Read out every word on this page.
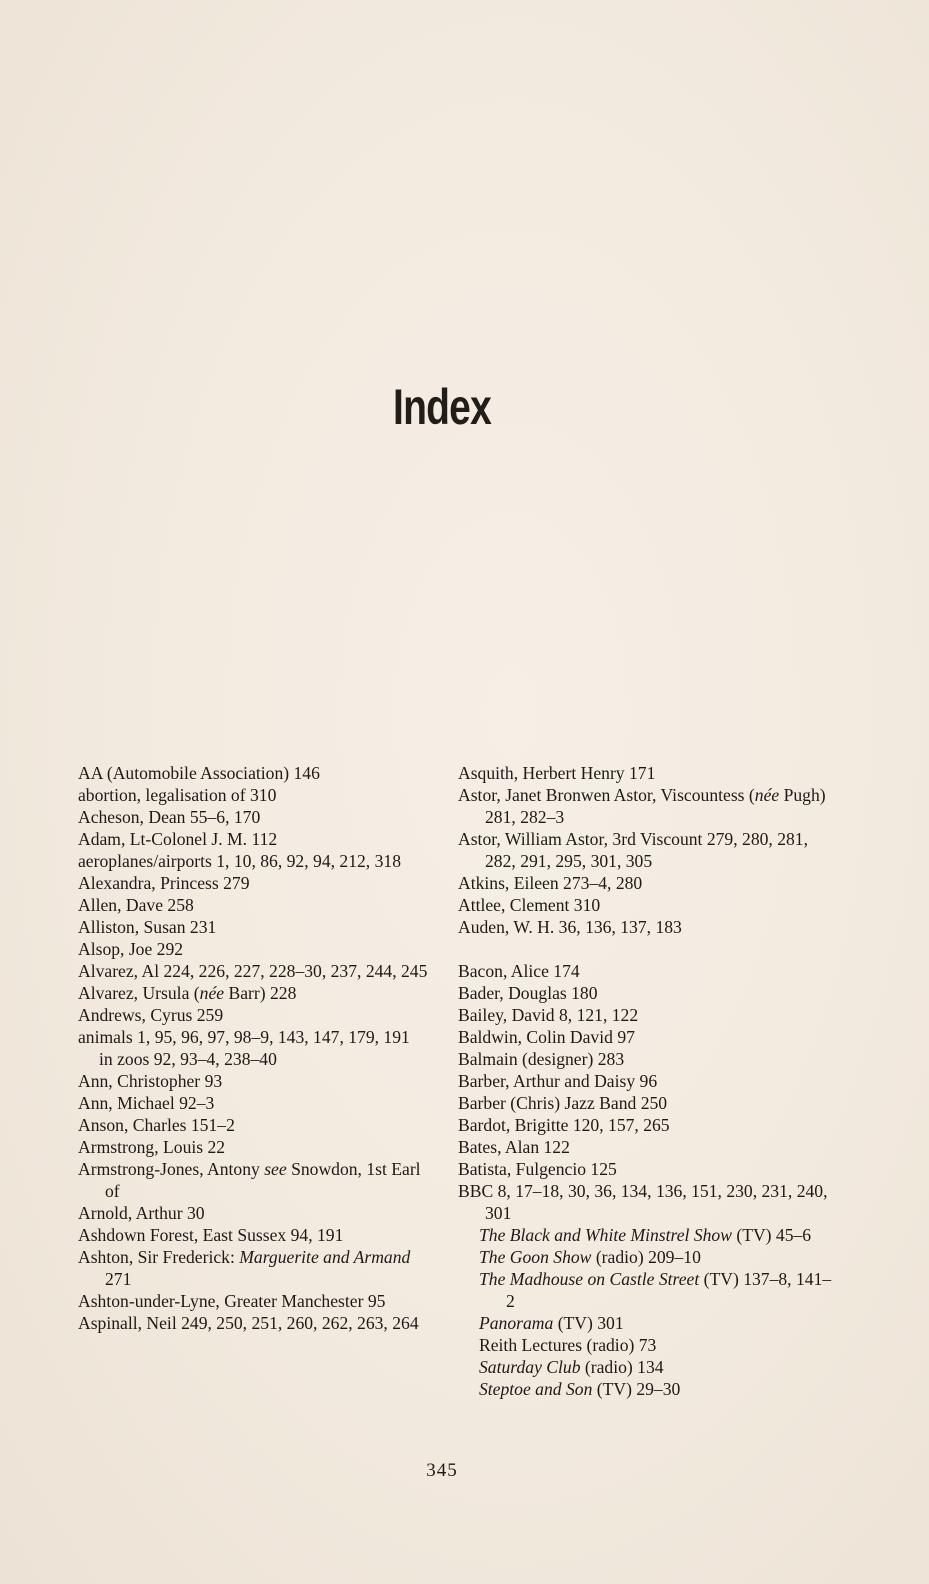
Index

AA (Automobile Association) 146

abortion, legalisation of 310

Acheson, Dean 55–6, 170

Adam, Lt-Colonel J. M. 112

aeroplanes/airports 1, 10, 86, 92, 94, 212, 318

Alexandra, Princess 279

Allen, Dave 258

Alliston, Susan 231

Alsop, Joe 292

Alvarez, Al 224, 226, 227, 228–30, 237, 244, 245

Alvarez, Ursula (née Barr) 228

Andrews, Cyrus 259

animals 1, 95, 96, 97, 98–9, 143, 147, 179, 191

in zoos 92, 93–4, 238–40

Ann, Christopher 93

Ann, Michael 92–3

Anson, Charles 151–2

Armstrong, Louis 22

Armstrong-Jones, Antony see Snowdon, 1st Earl of

Arnold, Arthur 30

Ashdown Forest, East Sussex 94, 191

Ashton, Sir Frederick: Marguerite and Armand 271

Ashton-under-Lyne, Greater Manchester 95

Aspinall, Neil 249, 250, 251, 260, 262, 263, 264

Asquith, Herbert Henry 171

Astor, Janet Bronwen Astor, Viscountess (née Pugh) 281, 282–3

Astor, William Astor, 3rd Viscount 279, 280, 281, 282, 291, 295, 301, 305

Atkins, Eileen 273–4, 280

Attlee, Clement 310

Auden, W. H. 36, 136, 137, 183

Bacon, Alice 174

Bader, Douglas 180

Bailey, David 8, 121, 122

Baldwin, Colin David 97

Balmain (designer) 283

Barber, Arthur and Daisy 96

Barber (Chris) Jazz Band 250

Bardot, Brigitte 120, 157, 265

Bates, Alan 122

Batista, Fulgencio 125

BBC 8, 17–18, 30, 36, 134, 136, 151, 230, 231, 240, 301

The Black and White Minstrel Show (TV) 45–6

The Goon Show (radio) 209–10

The Madhouse on Castle Street (TV) 137–8, 141–2

Panorama (TV) 301

Reith Lectures (radio) 73

Saturday Club (radio) 134

Steptoe and Son (TV) 29–30

345
